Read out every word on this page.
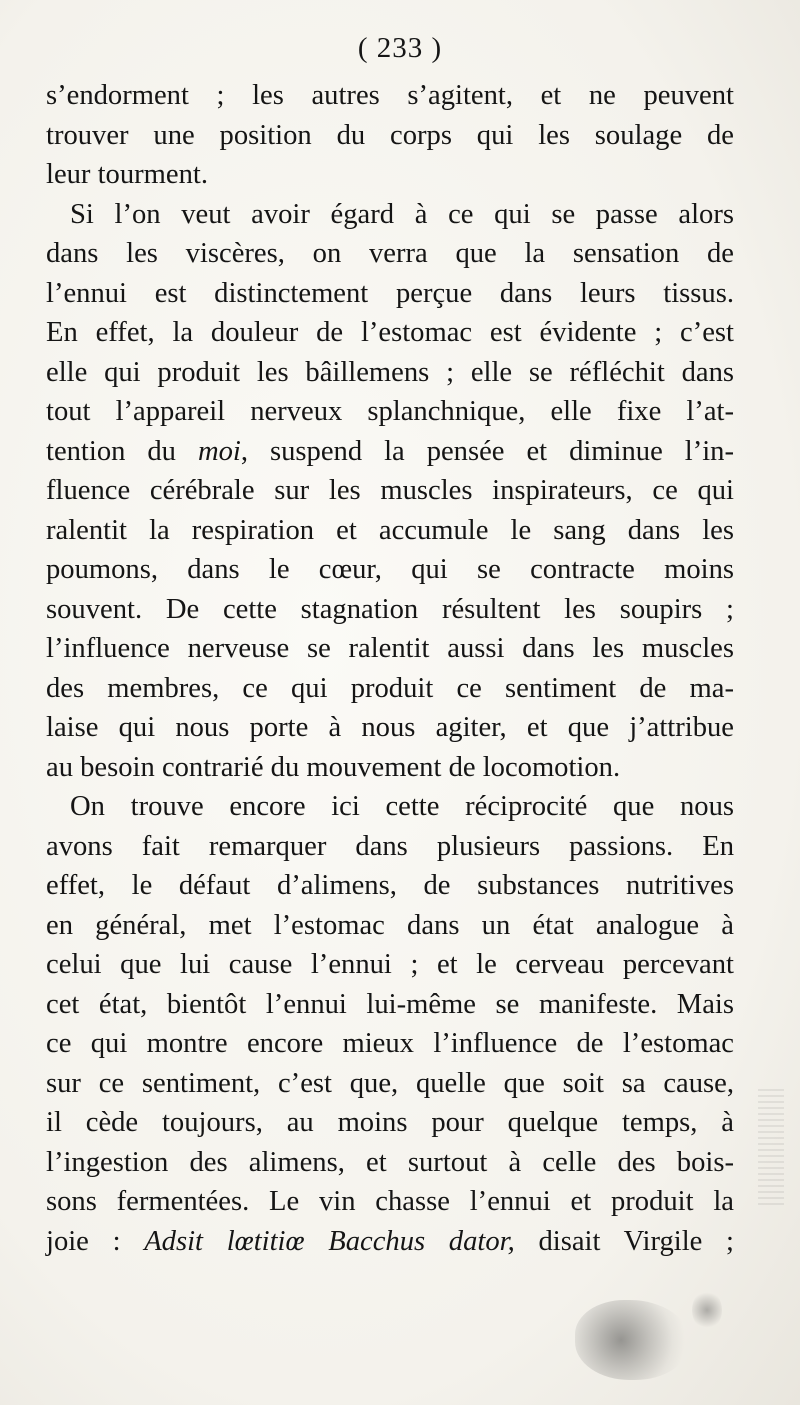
( 233 )
s’endorment ; les autres s’agitent, et ne peuvent
trouver une position du corps qui les soulage de
leur tourment.
Si l’on veut avoir égard à ce qui se passe alors
dans les viscères, on verra que la sensation de
l’ennui est distinctement perçue dans leurs tissus.
En effet, la douleur de l’estomac est évidente ; c’est
elle qui produit les bâillemens ; elle se réfléchit dans
tout l’appareil nerveux splanchnique, elle fixe l’at-
tention du moi, suspend la pensée et diminue l’in-
fluence cérébrale sur les muscles inspirateurs, ce qui
ralentit la respiration et accumule le sang dans les
poumons, dans le cœur, qui se contracte moins
souvent. De cette stagnation résultent les soupirs ;
l’influence nerveuse se ralentit aussi dans les muscles
des membres, ce qui produit ce sentiment de ma-
laise qui nous porte à nous agiter, et que j’attribue
au besoin contrarié du mouvement de locomotion.
On trouve encore ici cette réciprocité que nous
avons fait remarquer dans plusieurs passions. En
effet, le défaut d’alimens, de substances nutritives
en général, met l’estomac dans un état analogue à
celui que lui cause l’ennui ; et le cerveau percevant
cet état, bientôt l’ennui lui-même se manifeste. Mais
ce qui montre encore mieux l’influence de l’estomac
sur ce sentiment, c’est que, quelle que soit sa cause,
il cède toujours, au moins pour quelque temps, à
l’ingestion des alimens, et surtout à celle des bois-
sons fermentées. Le vin chasse l’ennui et produit la
joie : Adsit lœtitiœ Bacchus dator, disait Virgile ;
